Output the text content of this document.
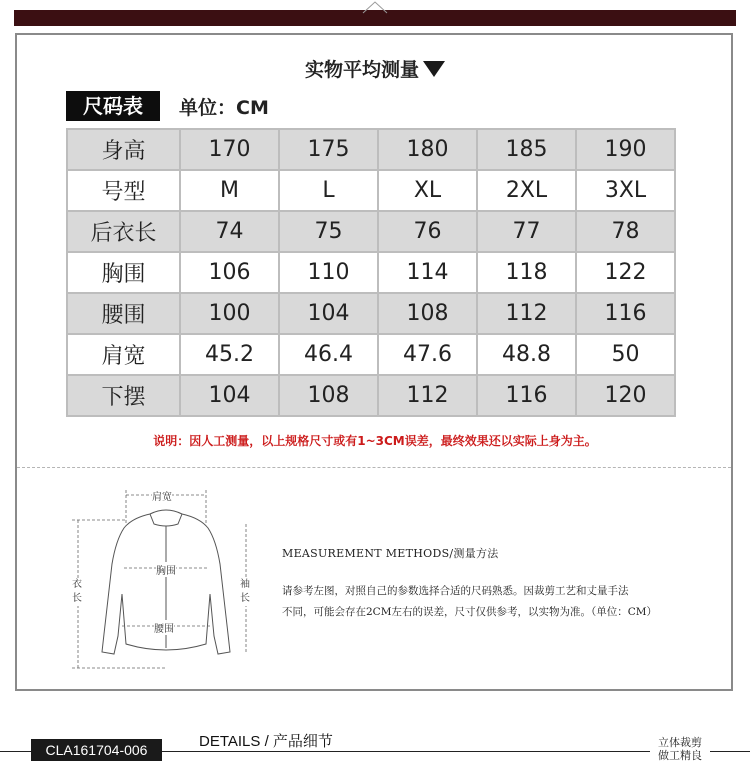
实物平均测量
尺码表	单位：CM
身高	170	175	180	185	190
号型	M	L	XL	2XL	3XL
后衣长	74	75	76	77	78
胸围	106	110	114	118	122
腰围	100	104	108	112	116
肩宽	45.2	46.4	47.6	48.8	50
下摆	104	108	112	116	120
说明：因人工测量，以上规格尺寸或有1~3CM误差，最终效果还以实际上身为主。
肩宽
胸围
腰围
衣长
袖长
MEASUREMENT METHODS/测量方法
请参考左图，对照自己的参数选择合适的尺码熟悉。因裁剪工艺和丈量手法
不同，可能会存在2CM左右的误差，尺寸仅供参考，以实物为准。（单位：CM）
CLA161704-006	DETAILS / 产品细节	立体裁剪
做工精良
